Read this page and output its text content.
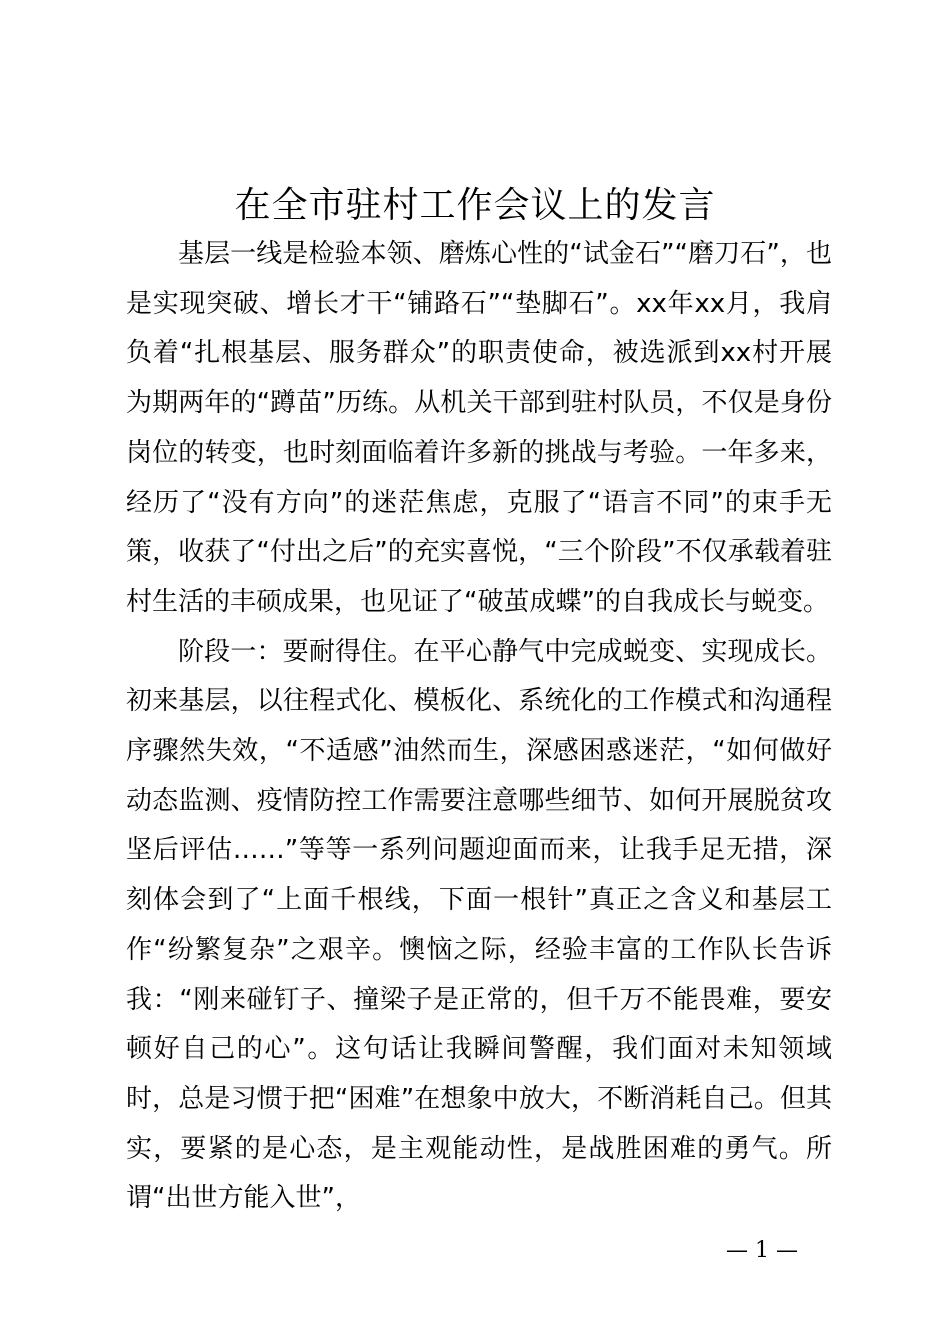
在全市驻村工作会议上的发言

基层一线是检验本领、磨炼心性的“试金石”“磨刀石”，也是实现突破、增长才干“铺路石”“垫脚石”。xx年xx月，我肩负着“扎根基层、服务群众”的职责使命，被选派到xx村开展为期两年的“蹲苗”历练。从机关干部到驻村队员，不仅是身份岗位的转变，也时刻面临着许多新的挑战与考验。一年多来，经历了“没有方向”的迷茫焦虑，克服了“语言不同”的束手无策，收获了“付出之后”的充实喜悦，“三个阶段”不仅承载着驻村生活的丰硕成果，也见证了“破茧成蝶”的自我成长与蜕变。

阶段一：要耐得住。在平心静气中完成蜕变、实现成长。初来基层，以往程式化、模板化、系统化的工作模式和沟通程序骤然失效，“不适感”油然而生，深感困惑迷茫，“如何做好动态监测、疫情防控工作需要注意哪些细节、如何开展脱贫攻坚后评估……”等等一系列问题迎面而来，让我手足无措，深刻体会到了“上面千根线，下面一根针”真正之含义和基层工作“纷繁复杂”之艰辛。懊恼之际，经验丰富的工作队长告诉我：“刚来碰钉子、撞梁子是正常的，但千万不能畏难，要安顿好自己的心”。这句话让我瞬间警醒，我们面对未知领域时，总是习惯于把“困难”在想象中放大，不断消耗自己。但其实，要紧的是心态，是主观能动性，是战胜困难的勇气。所谓“出世方能入世”，

— 1 —
